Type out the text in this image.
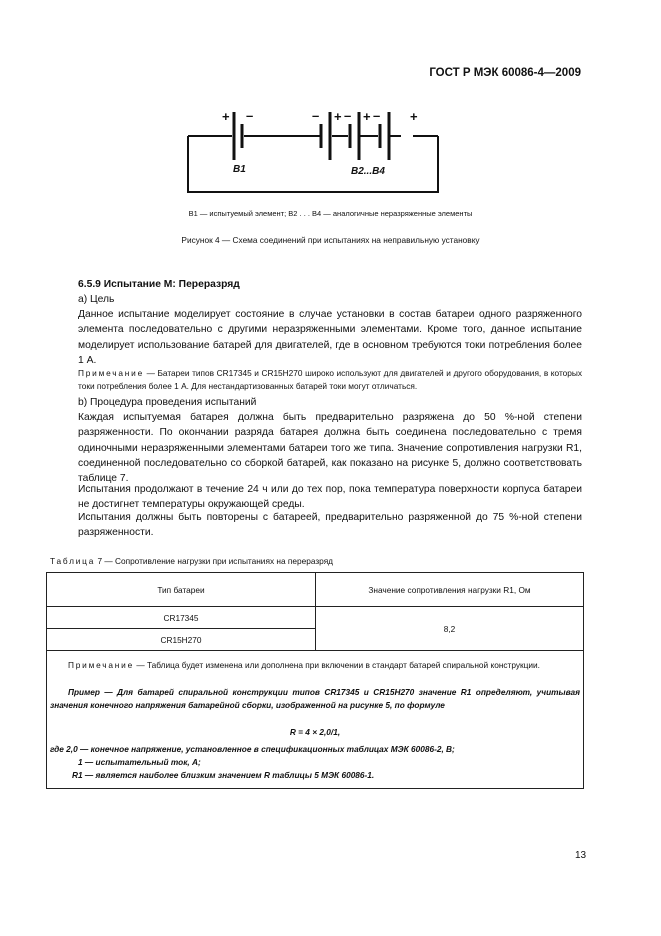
ГОСТ Р МЭК 60086-4—2009
+ –	– + – + – +
B1	B2...B4
B1 — испытуемый элемент; B2 . . . B4 — аналогичные неразряженные элементы
Рисунок 4 — Схема соединений при испытаниях на неправильную установку
6.5.9 Испытание M: Переразряд
а) Цель
Данное испытание моделирует состояние в случае установки в состав батареи одного разряженного элемента последовательно с другими неразряженными элементами. Кроме того, данное испытание моделирует использование батарей для двигателей, где в основном требуются токи потребления более 1 А.
Примечание — Батареи типов CR17345 и CR15H270 широко используют для двигателей и другого оборудования, в которых токи потребления более 1 А. Для нестандартизованных батарей токи могут отличаться.
b) Процедура проведения испытаний
Каждая испытуемая батарея должна быть предварительно разряжена до 50 %-ной степени разряженности. По окончании разряда батарея должна быть соединена последовательно с тремя одиночными неразряженными элементами батареи того же типа. Значение сопротивления нагрузки R1, соединенной последовательно со сборкой батарей, как показано на рисунке 5, должно соответствовать таблице 7.
Испытания продолжают в течение 24 ч или до тех пор, пока температура поверхности корпуса батареи не достигнет температуры окружающей среды.
Испытания должны быть повторены с батареей, предварительно разряженной до 75 %-ной степени разряженности.
Таблица 7 — Сопротивление нагрузки при испытаниях на переразряд
Тип батареи	Значение сопротивления нагрузки R1, Ом
CR17345	8,2
CR15H270	

Примечание — Таблица будет изменена или дополнена при включении в стандарт батарей спиральной конструкции.
Пример — Для батарей спиральной конструкции типов CR17345 и CR15H270 значение R1 определяют, учитывая значения конечного напряжения батарейной сборки, изображенной на рисунке 5, по формуле
R = 4 × 2,0/1,
где 2,0 — конечное напряжение, установленное в спецификационных таблицах МЭК 60086-2, В;
1 — испытательный ток, А;
R1 — является наиболее близким значением R таблицы 5 МЭК 60086-1.
13
